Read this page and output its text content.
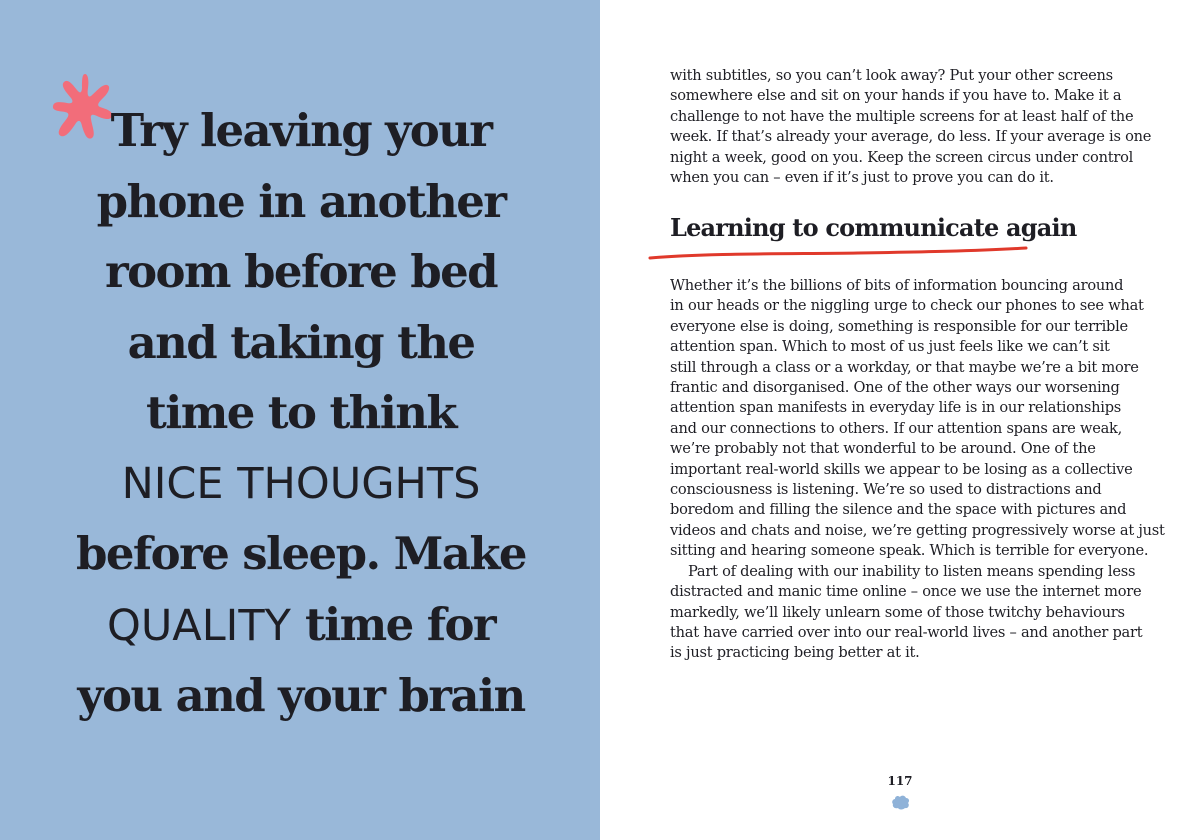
Try leaving your
phone in another
room before bed
and taking the
time to think
NICE THOUGHTS
before sleep. Make
QUALITY time for
you and your brain
with subtitles, so you can’t look away? Put your other screens
somewhere else and sit on your hands if you have to. Make it a
challenge to not have the multiple screens for at least half of the
week. If that’s already your average, do less. If your average is one
night a week, good on you. Keep the screen circus under control
when you can – even if it’s just to prove you can do it.
Learning to communicate again
Whether it’s the billions of bits of information bouncing around
in our heads or the niggling urge to check our phones to see what
everyone else is doing, something is responsible for our terrible
attention span. Which to most of us just feels like we can’t sit
still through a class or a workday, or that maybe we’re a bit more
frantic and disorganised. One of the other ways our worsening
attention span manifests in everyday life is in our relationships
and our connections to others. If our attention spans are weak,
we’re probably not that wonderful to be around. One of the
important real-world skills we appear to be losing as a collective
consciousness is listening. We’re so used to distractions and
boredom and filling the silence and the space with pictures and
videos and chats and noise, we’re getting progressively worse at just
sitting and hearing someone speak. Which is terrible for everyone.
Part of dealing with our inability to listen means spending less
distracted and manic time online – once we use the internet more
markedly, we’ll likely unlearn some of those twitchy behaviours
that have carried over into our real-world lives – and another part
is just practicing being better at it.
117
